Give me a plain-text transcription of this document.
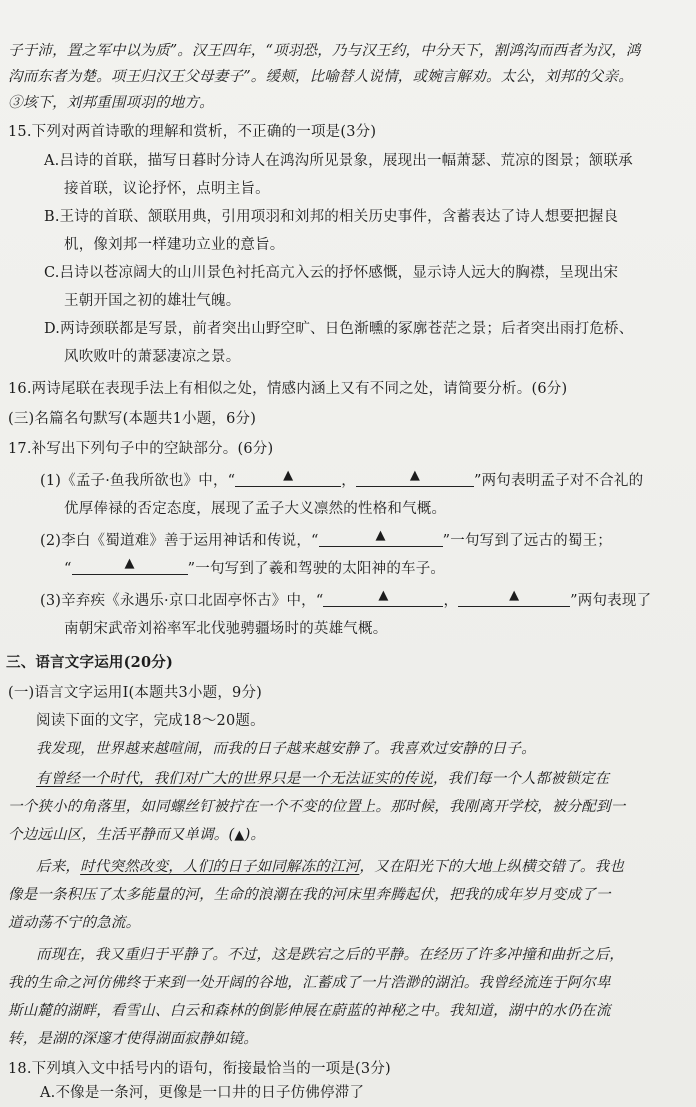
子于沛，置之军中以为质”。汉王四年，“项羽恐，乃与汉王约，中分天下，割鸿沟而西者为汉，鸿
沟而东者为楚。项王归汉王父母妻子”。缓颊，比喻替人说情，或婉言解劝。太公，刘邦的父亲。
③垓下，刘邦重围项羽的地方。
15.下列对两首诗歌的理解和赏析，不正确的一项是(3分)
A.吕诗的首联，描写日暮时分诗人在鸿沟所见景象，展现出一幅萧瑟、荒凉的图景；颔联承
接首联，议论抒怀，点明主旨。
B.王诗的首联、颔联用典，引用项羽和刘邦的相关历史事件，含蓄表达了诗人想要把握良
机，像刘邦一样建功立业的意旨。
C.吕诗以苍凉阔大的山川景色衬托高亢入云的抒怀感慨，显示诗人远大的胸襟，呈现出宋
王朝开国之初的雄壮气魄。
D.两诗颈联都是写景，前者突出山野空旷、日色渐曛的冢廓苍茫之景；后者突出雨打危桥、
风吹败叶的萧瑟凄凉之景。
16.两诗尾联在表现手法上有相似之处，情感内涵上又有不同之处，请简要分析。(6分)
(三)名篇名句默写(本题共1小题，6分)
17.补写出下列句子中的空缺部分。(6分)
(1)《孟子·鱼我所欲也》中，“	▲	，	▲	”两句表明孟子对不合礼的
优厚俸禄的否定态度，展现了孟子大义凛然的性格和气概。
(2)李白《蜀道难》善于运用神话和传说，“	▲	”一句写到了远古的蜀王；
“	▲	”一句写到了羲和驾驶的太阳神的车子。
(3)辛弃疾《永遇乐·京口北固亭怀古》中，“	▲	，	▲	”两句表现了
南朝宋武帝刘裕率军北伐驰骋疆场时的英雄气概。
三、语言文字运用(20分)
(一)语言文字运用Ⅰ(本题共3小题，9分)
阅读下面的文字，完成18～20题。
我发现，世界越来越喧闹，而我的日子越来越安静了。我喜欢过安静的日子。
有曾经一个时代，我们对广大的世界只是一个无法证实的传说，我们每一个人都被锁定在
一个狭小的角落里，如同螺丝钉被拧在一个不变的位置上。那时候，我刚离开学校，被分配到一
个边远山区，生活平静而又单调。(▲)。
后来，时代突然改变，人们的日子如同解冻的江河，又在阳光下的大地上纵横交错了。我也
像是一条积压了太多能量的河，生命的浪潮在我的河床里奔腾起伏，把我的成年岁月变成了一
道动荡不宁的急流。
而现在，我又重归于平静了。不过，这是跌宕之后的平静。在经历了许多冲撞和曲折之后，
我的生命之河仿佛终于来到一处开阔的谷地，汇蓄成了一片浩渺的湖泊。我曾经流连于阿尔卑
斯山麓的湖畔，看雪山、白云和森林的倒影伸展在蔚蓝的神秘之中。我知道，湖中的水仍在流
转，是湖的深邃才使得湖面寂静如镜。
18.下列填入文中括号内的语句，衔接最恰当的一项是(3分)
A.不像是一条河，更像是一口井的日子仿佛停滞了
